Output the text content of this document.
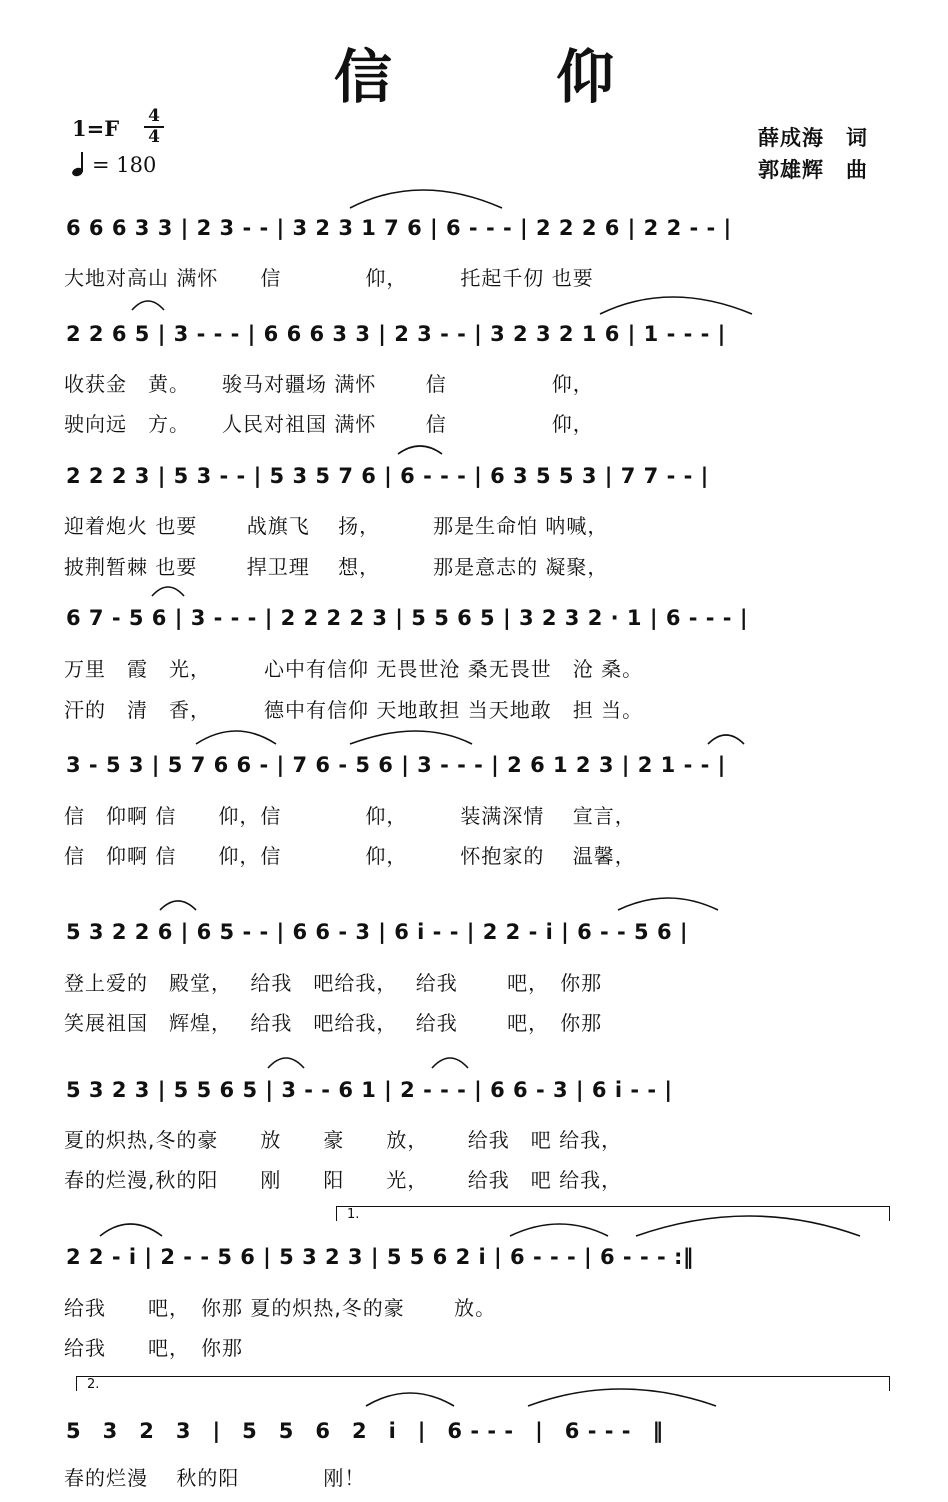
信 仰
1=F 4
4
= 180
薛成海　词
郭雄辉　曲
6 6 6 3 3 | 2 3 - - | 3 2 3 1 7 6 | 6 - - - | 2 2 2 6 | 2 2 - - |
大地对高山 满怀　　信　　　　仰，　　　托起千仞 也要
2 2 6 5 | 3 - - - | 6 6 6 3 3 | 2 3 - - | 3 2 3 2 1 6 | 1 - - - |
收获金　黄。　　骏马对疆场 满怀　　 信　　　　　仰，
驶向远　方。　　人民对祖国 满怀　　 信　　　　　仰，
2 2 2 3 | 5 3 - - | 5 3 5 7 6 | 6 - - - | 6 3 5 5 3 | 7 7 - - |
迎着炮火 也要　　 战旗飞　 扬，　　　那是生命怕 呐喊，
披荆暂棘 也要　　 捍卫理　 想，　　　那是意志的 凝聚，
6 7 - 5 6 | 3 - - - | 2 2 2 2 3 | 5 5 6 5 | 3 2 3 2 · 1 | 6 - - - |
万里　霞　光，　　　心中有信仰 无畏世沧 桑无畏世　沧 桑。
汗的　清　香，　　　德中有信仰 天地敢担 当天地敢　担 当。
3 - 5 3 | 5 7 6 6 - | 7 6 - 5 6 | 3 - - - | 2 6 1 2 3 | 2 1 - - |
信　仰啊 信　　仰，信　　　　仰，　　　装满深情　 宣言，
信　仰啊 信　　仰，信　　　　仰，　　　怀抱家的　 温馨，
5 3 2 2 6 | 6 5 - - | 6 6 - 3 | 6 i - - | 2 2 - i | 6 - - 5 6 |
登上爱的　殿堂，　 给我　吧给我，　 给我　　 吧，　你那
笑展祖国　辉煌，　 给我　吧给我，　 给我　　 吧，　你那
5 3 2 3 | 5 5 6 5 | 3 - - 6 1 | 2 - - - | 6 6 - 3 | 6 i - - |
夏的炽热,冬的豪　　放　　豪　　放，　　 给我　吧 给我，
春的烂漫,秋的阳　　刚　　阳　　光，　　 给我　吧 给我，
2 2 - i | 2 - - 5 6 | 5 3 2 3 | 5 5 6 2 i | 6 - - - | 6 - - - :‖
给我　　吧，　你那 夏的炽热,冬的豪　　 放。
给我　　吧，　你那
5　3　2　3　|　5　5　6　2　i　|　6 - - -　|　6 - - -　‖
春的烂漫　 秋的阳　　　　刚！
1.
2.
